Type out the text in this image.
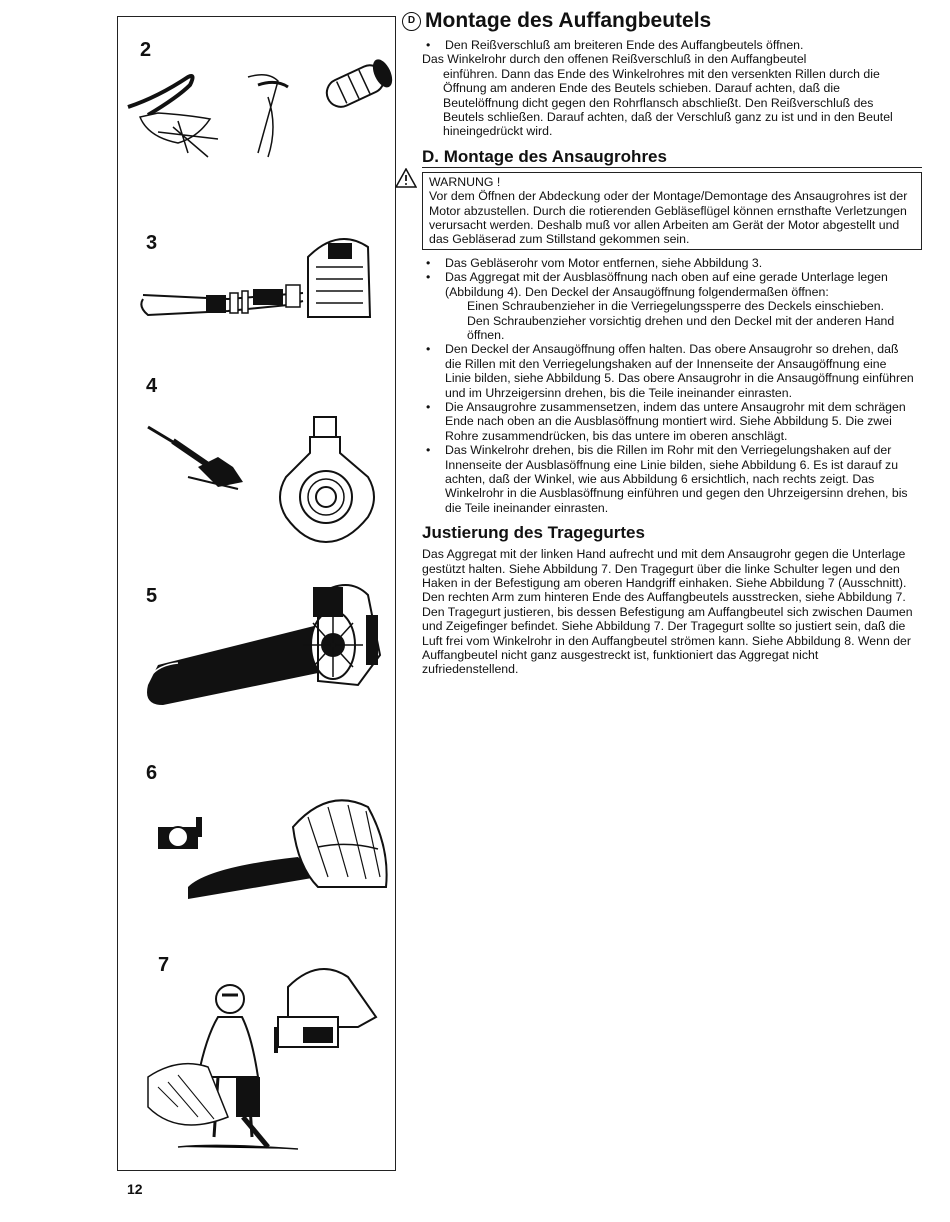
2
3
4
5
6
7
12
D Montage des Auffangbeutels
• Den Reißverschluß am breiteren Ende des Auffangbeutels öffnen.

Das Winkelrohr durch den offenen Reißverschluß in den Auffangbeutel

einführen. Dann das Ende des Winkelrohres mit den versenkten Rillen durch die Öffnung am anderen Ende des Beutels schieben. Darauf achten, daß die Beutelöffnung dicht gegen den Rohrflansch abschließt. Den Reißverschluß des Beutels schließen. Darauf achten, daß der Verschluß ganz zu ist und in den Beutel hineingedrückt wird.

D. Montage des Ansaugrohres

WARNUNG !

Vor dem Öffnen der Abdeckung oder der Montage/Demontage des Ansaugrohres ist der Motor abzustellen. Durch die rotierenden Gebläseflügel können ernsthafte Verletzungen verursacht werden. Deshalb muß vor allen Arbeiten am Gerät der Motor abgestellt und das Gebläserad zum Stillstand gekommen sein.

• Das Gebläserohr vom Motor entfernen, siehe Abbildung 3.
• Das Aggregat mit der Ausblasöffnung nach oben auf eine gerade Unterlage legen (Abbildung 4). Den Deckel der Ansaugöffnung folgendermaßen öffnen:

Einen Schraubenzieher in die Verriegelungssperre des Deckels einschieben.

Den Schraubenzieher vorsichtig drehen und den Deckel mit der anderen Hand öffnen.

• Den Deckel der Ansaugöffnung offen halten. Das obere Ansaugrohr so drehen, daß die Rillen mit den Verriegelungshaken auf der Innenseite der Ansaugöffnung eine Linie bilden, siehe Abbildung 5. Das obere Ansaugrohr in die Ansaugöffnung einführen und im Uhrzeigersinn drehen, bis die Teile ineinander einrasten.
• Die Ansaugrohre zusammensetzen, indem das untere Ansaugrohr mit dem schrägen Ende nach oben an die Ausblasöffnung montiert wird. Siehe Abbildung 5. Die zwei Rohre zusammendrücken, bis das untere im oberen anschlägt.
• Das Winkelrohr drehen, bis die Rillen im Rohr mit den Verriegelungshaken auf der Innenseite der Ausblasöffnung eine Linie bilden, siehe Abbildung 6. Es ist darauf zu achten, daß der Winkel, wie aus Abbildung 6 ersichtlich, nach rechts zeigt. Das Winkelrohr in die Ausblasöffnung einführen und gegen den Uhrzeigersinn drehen, bis die Teile ineinander einrasten.
Justierung des Tragegurtes

Das Aggregat mit der linken Hand aufrecht und mit dem Ansaugrohr gegen die Unterlage gestützt halten. Siehe Abbildung 7. Den Tragegurt über die linke Schulter legen und den Haken in der Befestigung am oberen Handgriff einhaken. Siehe Abbildung 7 (Ausschnitt). Den rechten Arm zum hinteren Ende des Auffangbeutels ausstrecken, siehe Abbildung 7. Den Tragegurt justieren, bis dessen Befestigung am Auffangbeutel sich zwischen Daumen und Zeigefinger befindet. Siehe Abbildung 7. Der Tragegurt sollte so justiert sein, daß die Luft frei vom Winkelrohr in den Auffangbeutel strömen kann. Siehe Abbildung 8. Wenn der Auffangbeutel nicht ganz ausgestreckt ist, funktioniert das Aggregat nicht zufriedenstellend.
